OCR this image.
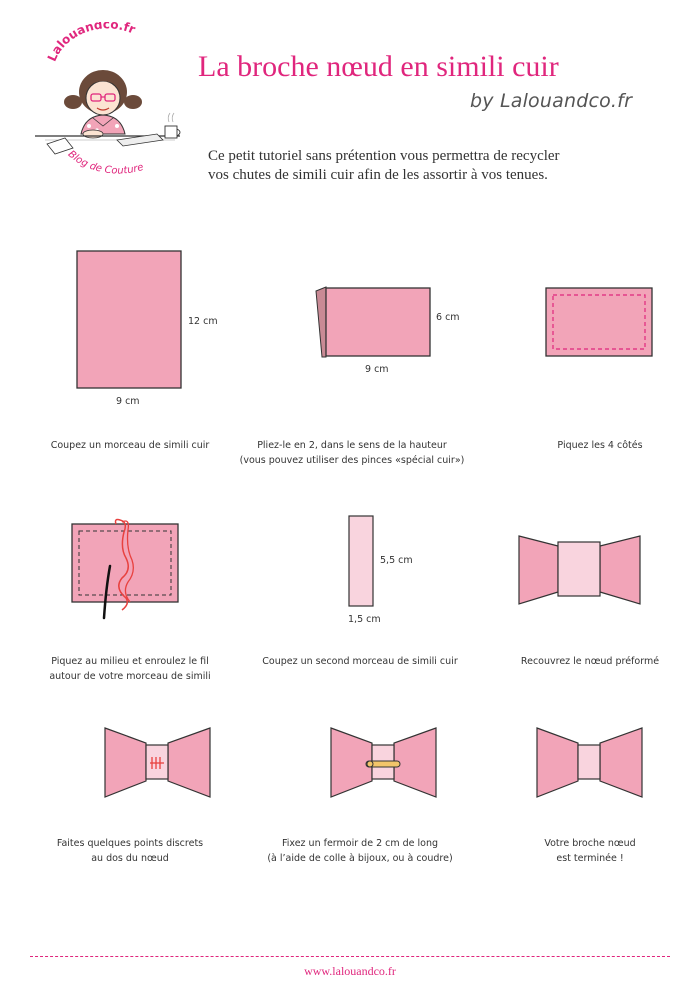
Lalouandco.fr
Blog de Couture
La broche nœud en simili cuir
by Lalouandco.fr
Ce petit tutoriel sans prétention vous permettra de recycler
vos chutes de simili cuir afin de les assortir à vos tenues.
12 cm
9 cm
Coupez un morceau de simili cuir
6 cm
9 cm
Pliez-le en 2, dans le sens de la hauteur
(vous pouvez utiliser des pinces «spécial cuir»)
Piquez les 4 côtés
Piquez au milieu et enroulez le fil
autour de votre morceau de simili
5,5 cm
1,5 cm
Coupez un second morceau de simili cuir	Recouvrez le nœud préformé
Faites quelques points discrets
au dos du nœud
Fixez un fermoir de 2 cm de long
(à l’aide de colle à bijoux, ou à coudre)
Votre broche nœud
est terminée !
www.lalouandco.fr
